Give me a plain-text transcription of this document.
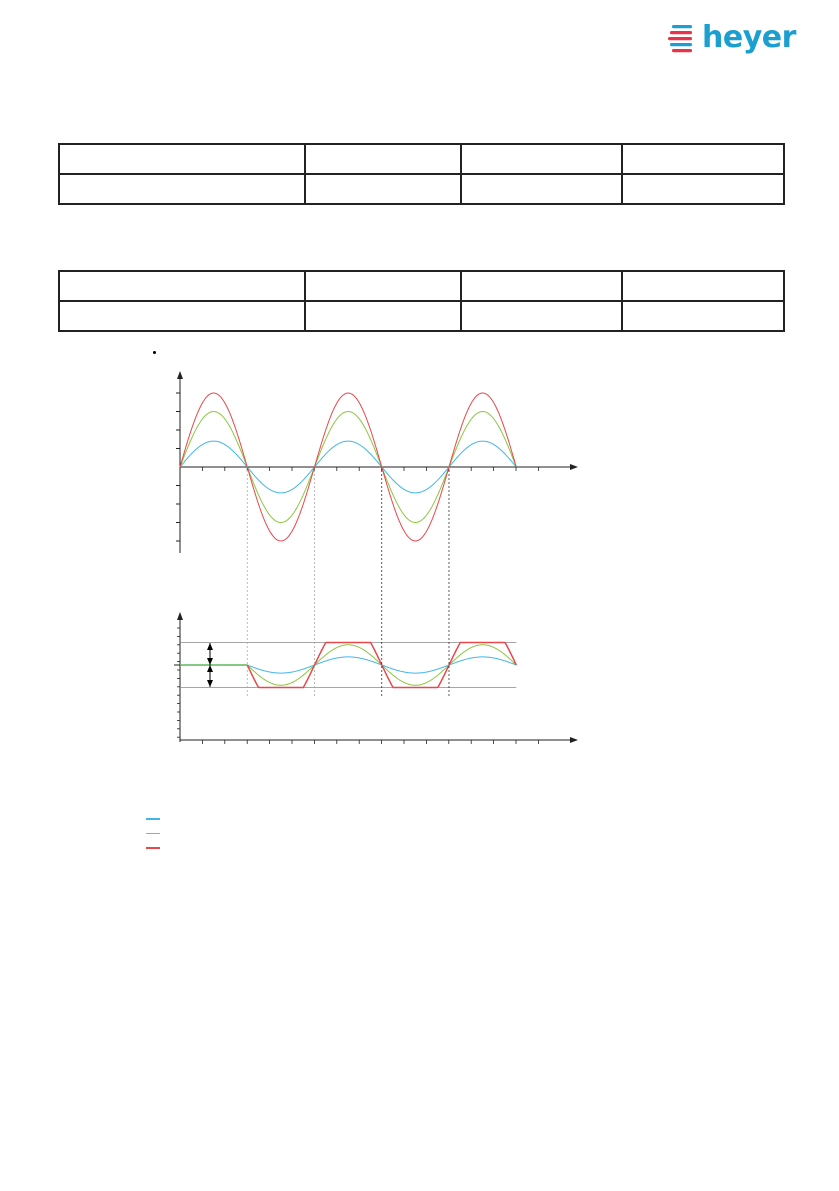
heyer
